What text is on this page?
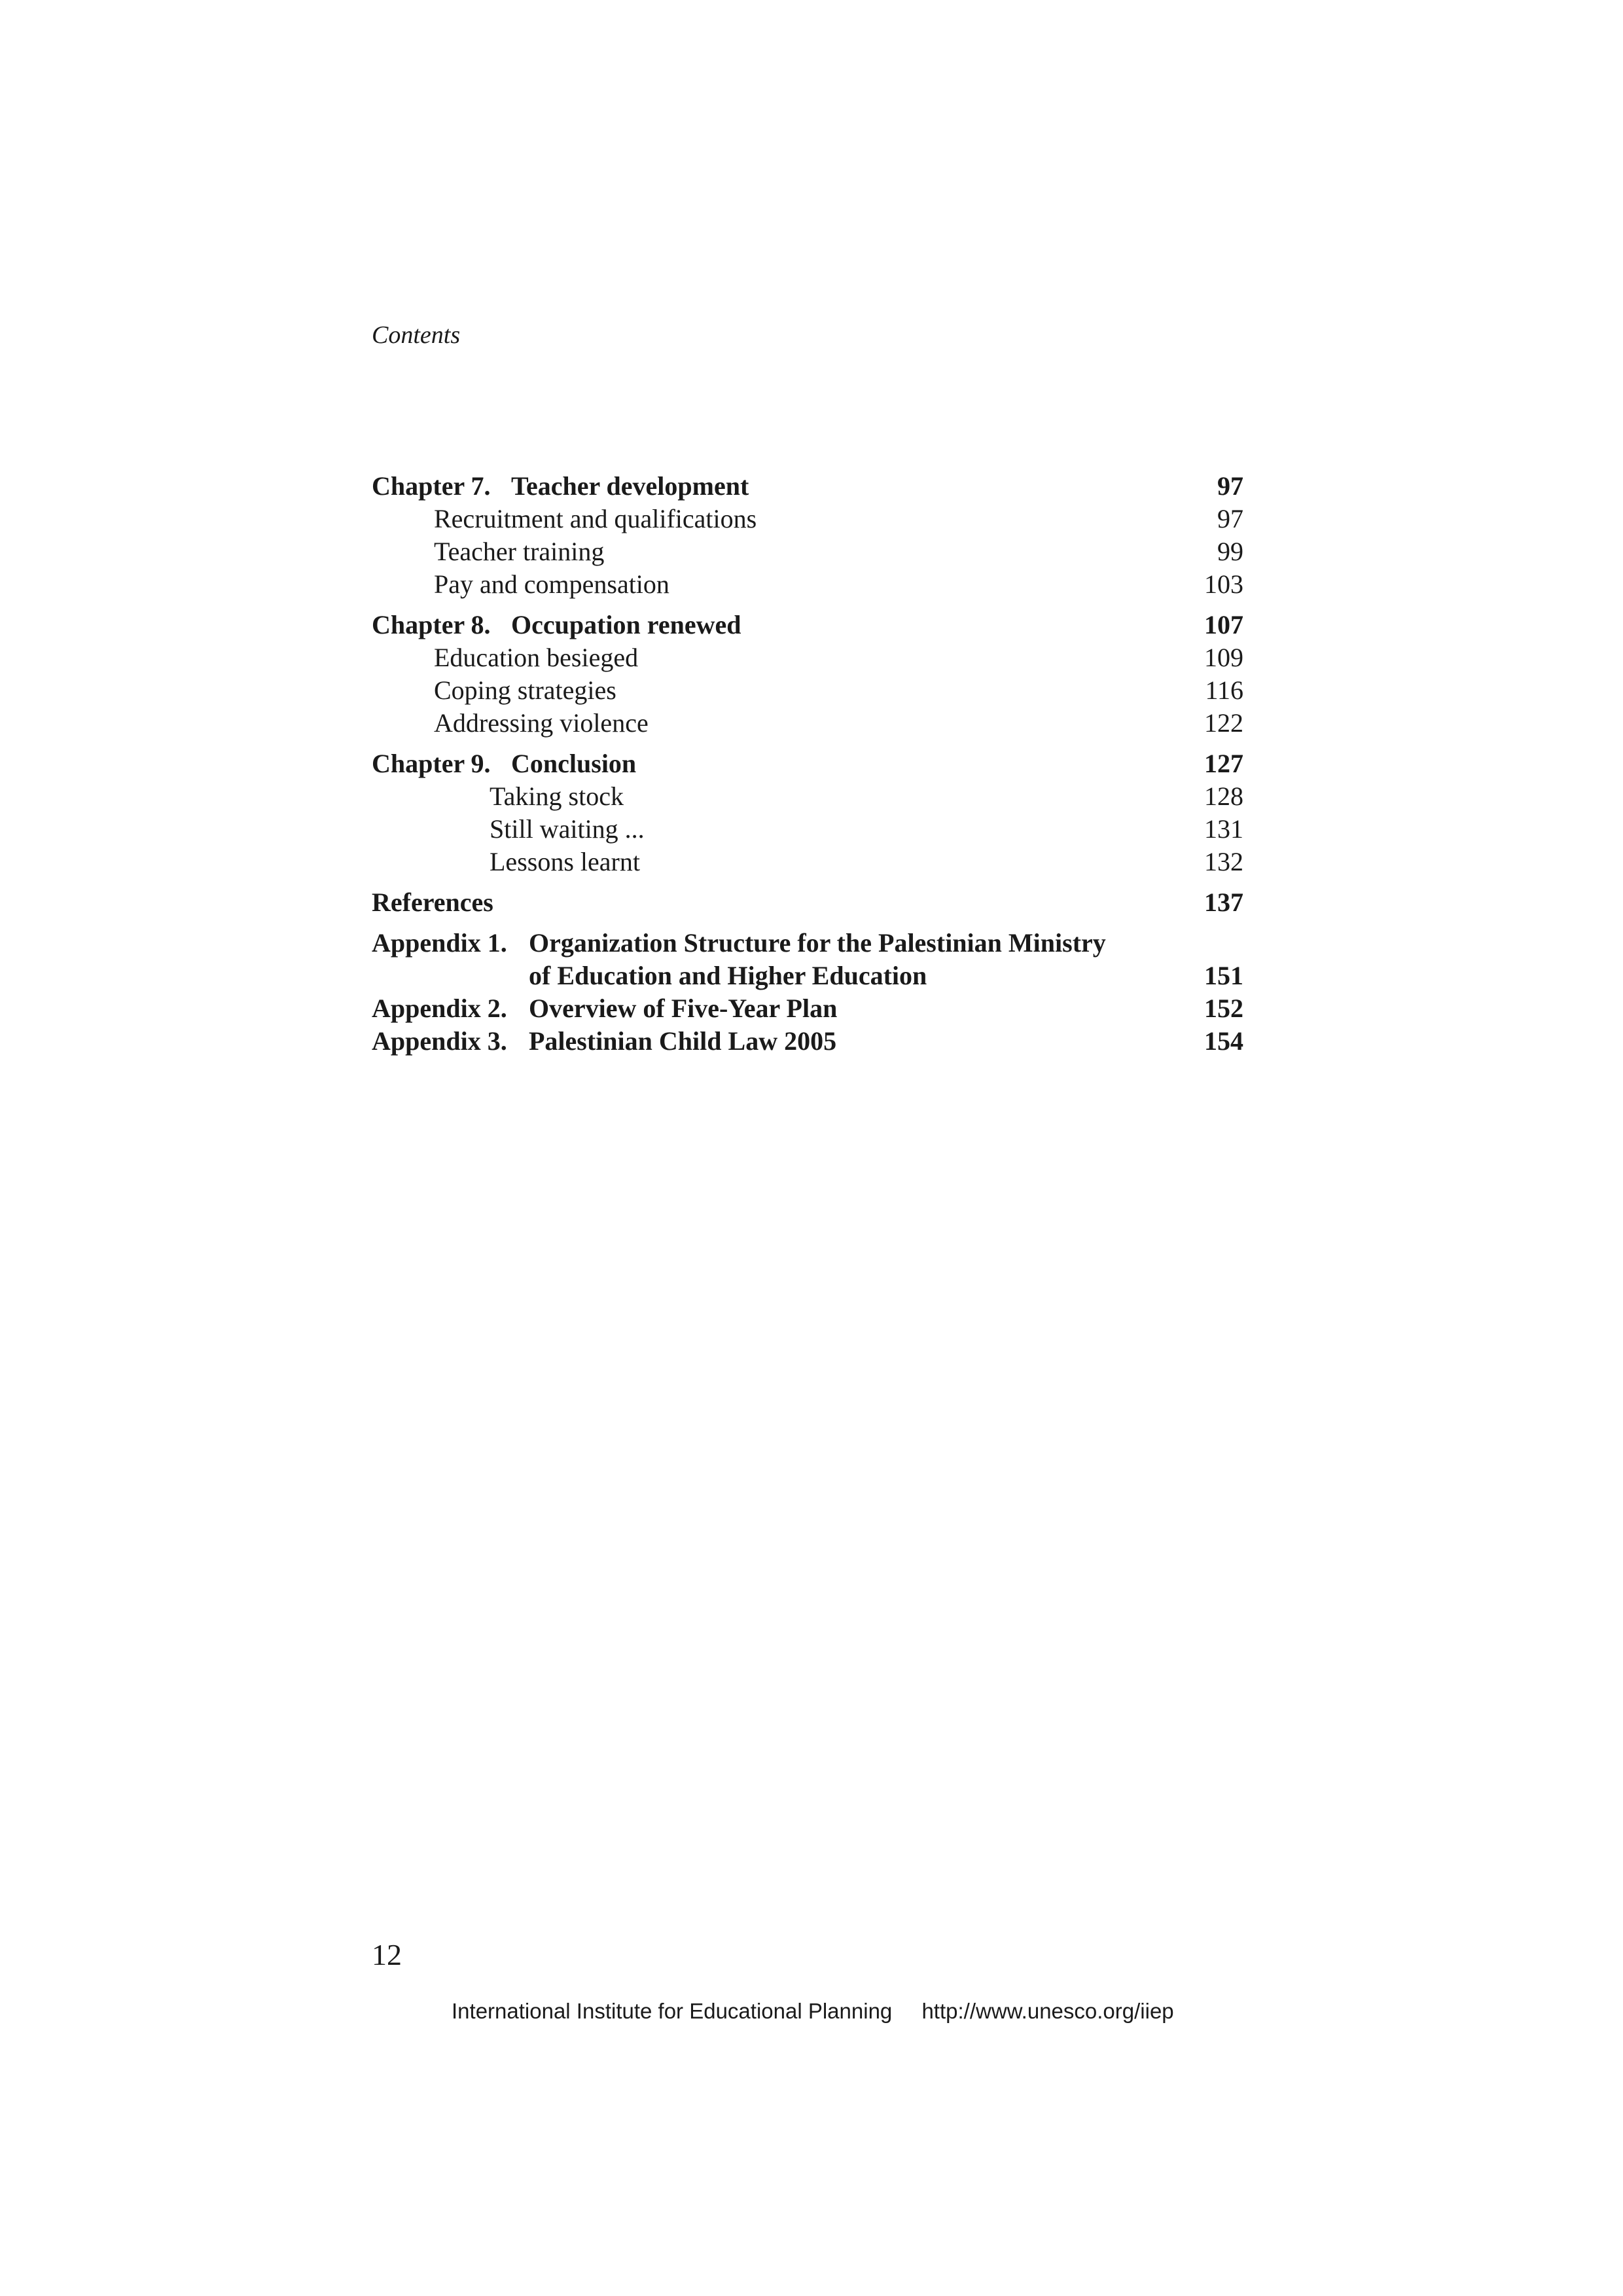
Contents
Chapter 7. Teacher development	97
Recruitment and qualifications	97
Teacher training	99
Pay and compensation	103
Chapter 8. Occupation renewed	107
Education besieged	109
Coping strategies	116
Addressing violence	122
Chapter 9. Conclusion	127
Taking stock	128
Still waiting ...	131
Lessons learnt	132
References	137
Appendix 1. Organization Structure for the Palestinian Ministry
of Education and Higher Education	151
Appendix 2. Overview of Five-Year Plan	152
Appendix 3. Palestinian Child Law 2005	154
12
International Institute for Educational Planning http://www.unesco.org/iiep
